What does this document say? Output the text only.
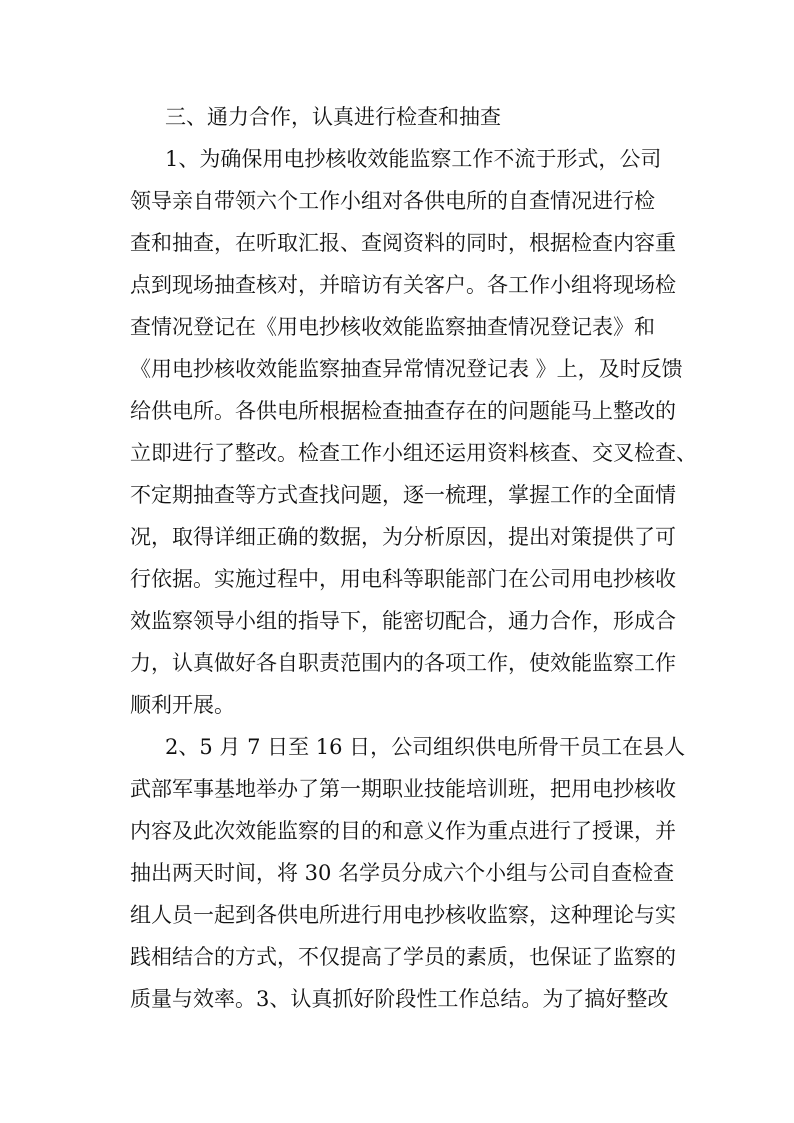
三、通力合作，认真进行检查和抽查
1、为确保用电抄核收效能监察工作不流于形式，公司
领导亲自带领六个工作小组对各供电所的自查情况进行检
查和抽查，在听取汇报、查阅资料的同时，根据检查内容重
点到现场抽查核对，并暗访有关客户。各工作小组将现场检
查情况登记在《用电抄核收效能监察抽查情况登记表》和
《用电抄核收效能监察抽查异常情况登记表 》上，及时反馈
给供电所。各供电所根据检查抽查存在的问题能马上整改的
立即进行了整改。检查工作小组还运用资料核查、交叉检查、
不定期抽查等方式查找问题，逐一梳理，掌握工作的全面情
况，取得详细正确的数据，为分析原因，提出对策提供了可
行依据。实施过程中，用电科等职能部门在公司用电抄核收
效监察领导小组的指导下，能密切配合，通力合作，形成合
力，认真做好各自职责范围内的各项工作，使效能监察工作
顺利开展。
2、5 月 7 日至 16 日，公司组织供电所骨干员工在县人
武部军事基地举办了第一期职业技能培训班，把用电抄核收
内容及此次效能监察的目的和意义作为重点进行了授课，并
抽出两天时间，将 30 名学员分成六个小组与公司自查检查
组人员一起到各供电所进行用电抄核收监察，这种理论与实
践相结合的方式，不仅提高了学员的素质，也保证了监察的
质量与效率。3、认真抓好阶段性工作总结。为了搞好整改
